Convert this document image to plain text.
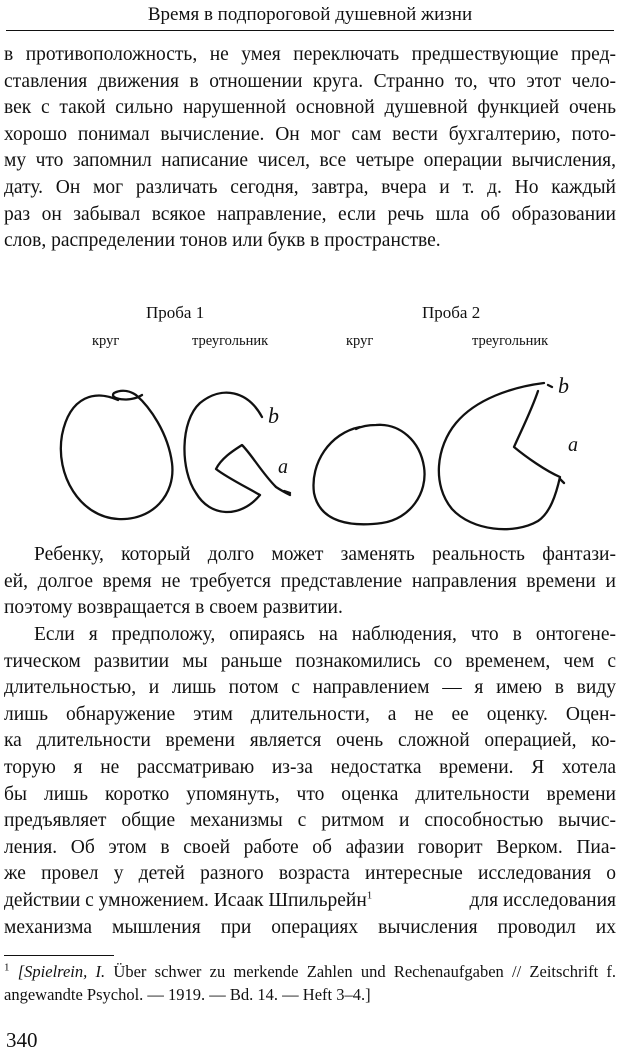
Время в подпороговой душевной жизни

в противоположность, не умея переключать предшествующие пред-
ставления движения в отношении круга. Странно то, что этот чело-
век с такой сильно нарушенной основной душевной функцией очень
хорошо понимал вычисление. Он мог сам вести бухгалтерию, пото-
му что запомнил написание чисел, все четыре операции вычисления,
дату. Он мог различать сегодня, завтра, вчера и т. д. Но каждый
раз он забывал всякое направление, если речь шла об образовании
слов, распределении тонов или букв в пространстве.

Проба 1	Проба 2
круг	треугольник	круг	треугольник
b
a
b
a

Ребенку, который долго может заменять реальность фантази-
ей, долгое время не требуется представление направления времени и
поэтому возвращается в своем развитии.

Если я предположу, опираясь на наблюдения, что в онтогене-
тическом развитии мы раньше познакомились со временем, чем с
длительностью, и лишь потом с направлением — я имею в виду
лишь обнаружение этим длительности, а не ее оценку. Оцен-
ка длительности времени является очень сложной операцией, ко-
торую я не рассматриваю из-за недостатка времени. Я хотела
бы лишь коротко упомянуть, что оценка длительности времени
предъявляет общие механизмы с ритмом и способностью вычис-
ления. Об этом в своей работе об афазии говорит Верком. Пиа-
же провел у детей разного возраста интересные исследования о
действии с умножением. Исаак Шпильрейн$^1$	для исследования
механизма мышления при операциях вычисления проводил их

$^1$ [Spielrein, I. Über schwer zu merkende Zahlen und Rechenaufgaben // Zeitschrift f.
angewandte Psychol. — 1919. — Bd. 14. — Heft 3–4.]
340
